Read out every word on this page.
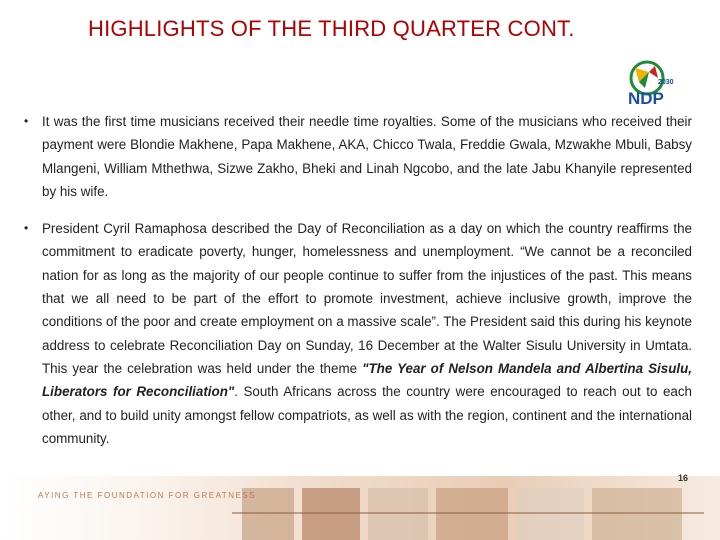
HIGHLIGHTS OF THE THIRD QUARTER CONT.
2030
NDP
•	It was the first time musicians received their needle time royalties. Some of the musicians who received their payment were Blondie Makhene, Papa Makhene, AKA, Chicco Twala, Freddie Gwala, Mzwakhe Mbuli, Babsy Mlangeni, William Mthethwa, Sizwe Zakho, Bheki and Linah Ngcobo, and the late Jabu Khanyile represented by his wife.
•	President Cyril Ramaphosa described the Day of Reconciliation as a day on which the country reaffirms the commitment to eradicate poverty, hunger, homelessness and unemployment. “We cannot be a reconciled nation for as long as the majority of our people continue to suffer from the injustices of the past. This means that we all need to be part of the effort to promote investment, achieve inclusive growth, improve the conditions of the poor and create employment on a massive scale”. The President said this during his keynote address to celebrate Reconciliation Day on Sunday, 16 December at the Walter Sisulu University in Umtata. This year the celebration was held under the theme "The Year of Nelson Mandela and Albertina Sisulu, Liberators for Reconciliation". South Africans across the country were encouraged to reach out to each other, and to build unity amongst fellow compatriots, as well as with the region, continent and the international community.
AYING THE FOUNDATION FOR GREATNESS
16
